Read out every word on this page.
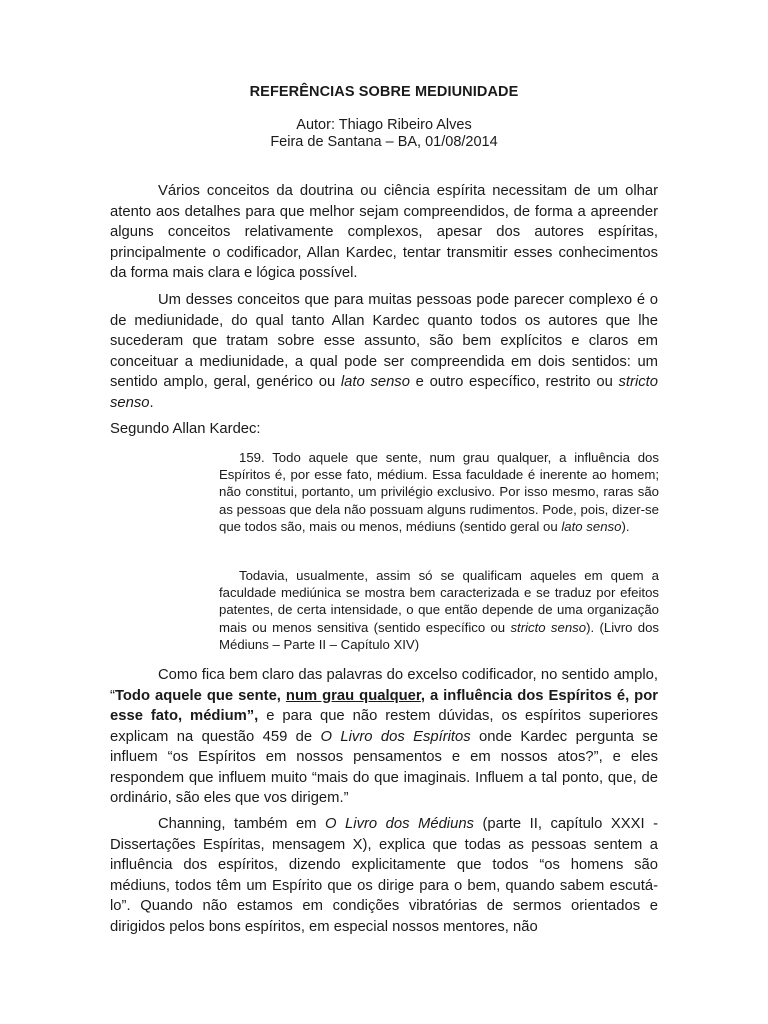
REFERÊNCIAS SOBRE MEDIUNIDADE
Autor: Thiago Ribeiro Alves
Feira de Santana – BA, 01/08/2014

Vários conceitos da doutrina ou ciência espírita necessitam de um olhar atento aos detalhes para que melhor sejam compreendidos, de forma a apreender alguns conceitos relativamente complexos, apesar dos autores espíritas, principalmente o codificador, Allan Kardec, tentar transmitir esses conhecimentos da forma mais clara e lógica possível.

Um desses conceitos que para muitas pessoas pode parecer complexo é o de mediunidade, do qual tanto Allan Kardec quanto todos os autores que lhe sucederam que tratam sobre esse assunto, são bem explícitos e claros em conceituar a mediunidade, a qual pode ser compreendida em dois sentidos: um sentido amplo, geral, genérico ou lato senso e outro específico, restrito ou stricto senso.

Segundo Allan Kardec:

159. Todo aquele que sente, num grau qualquer, a influência dos Espíritos é, por esse fato, médium. Essa faculdade é inerente ao homem; não constitui, portanto, um privilégio exclusivo. Por isso mesmo, raras são as pessoas que dela não possuam alguns rudimentos. Pode, pois, dizer-se que todos são, mais ou menos, médiuns (sentido geral ou lato senso).

Todavia, usualmente, assim só se qualificam aqueles em quem a faculdade mediúnica se mostra bem caracterizada e se traduz por efeitos patentes, de certa intensidade, o que então depende de uma organização mais ou menos sensitiva (sentido específico ou stricto senso). (Livro dos Médiuns – Parte II – Capítulo XIV)

Como fica bem claro das palavras do excelso codificador, no sentido amplo, “Todo aquele que sente, num grau qualquer, a influência dos Espíritos é, por esse fato, médium”, e para que não restem dúvidas, os espíritos superiores explicam na questão 459 de O Livro dos Espíritos onde Kardec pergunta se influem “os Espíritos em nossos pensamentos e em nossos atos?”, e eles respondem que influem muito “mais do que imaginais. Influem a tal ponto, que, de ordinário, são eles que vos dirigem.”

Channing, também em O Livro dos Médiuns (parte II, capítulo XXXI - Dissertações Espíritas, mensagem X), explica que todas as pessoas sentem a influência dos espíritos, dizendo explicitamente que todos “os homens são médiuns, todos têm um Espírito que os dirige para o bem, quando sabem escutá-lo”. Quando não estamos em condições vibratórias de sermos orientados e dirigidos pelos bons espíritos, em especial nossos mentores, não
